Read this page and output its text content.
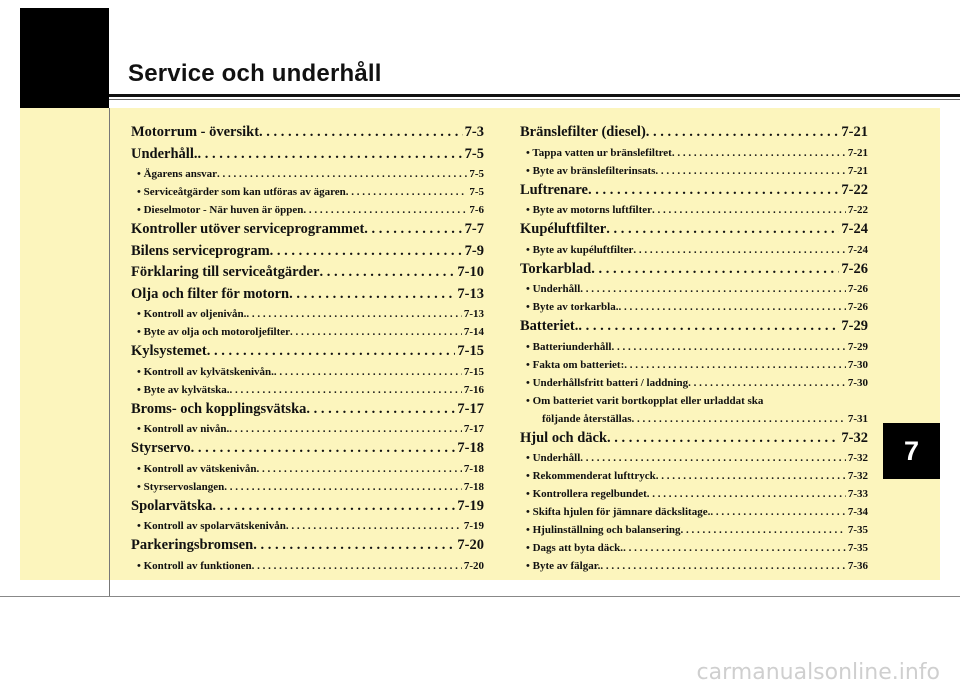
Service och underhåll
Motorrum - översikt . . .	7-3
Underhåll. . . .	7-5
• Ägarens ansvar . . .	7-5
• Serviceåtgärder som kan utföras av ägaren . . .	7-5
• Dieselmotor - När huven är öppen . . .	7-6
Kontroller utöver serviceprogrammet . . .	7-7
Bilens serviceprogram . . .	7-9
Förklaring till serviceåtgärder . . .	7-10
Olja och filter för motorn . . .	7-13
• Kontroll av oljenivån. . . .	7-13
• Byte av olja och motoroljefilter . . .	7-14
Kylsystemet . . .	7-15
• Kontroll av kylvätskenivån. . . .	7-15
• Byte av kylvätska. . . .	7-16
Broms- och kopplingsvätska . . .	7-17
• Kontroll av nivån. . . .	7-17
Styrservo . . .	7-18
• Kontroll av vätskenivån . . .	7-18
• Styrservoslangen . . .	7-18
Spolarvätska . . .	7-19
• Kontroll av spolarvätskenivån . . .	7-19
Parkeringsbromsen . . .	7-20
• Kontroll av funktionen . . .	7-20
Bränslefilter (diesel) . . .	7-21
• Tappa vatten ur bränslefiltret . . .	7-21
• Byte av bränslefilterinsats . . .	7-21
Luftrenare . . .	7-22
• Byte av motorns luftfilter . . .	7-22
Kupéluftfilter . . .	7-24
• Byte av kupéluftfilter . . .	7-24
Torkarblad . . .	7-26
• Underhåll . . .	7-26
• Byte av torkarbla. . . .	7-26
Batteriet. . . .	7-29
• Batteriunderhåll . . .	7-29
• Fakta om batteriet: . . .	7-30
• Underhållsfritt batteri / laddning . . .	7-30
• Om batteriet varit bortkopplat eller urladdat ska
följande återställas . . .	7-31
Hjul och däck . . .	7-32
• Underhåll . . .	7-32
• Rekommenderat lufttryck . . .	7-32
• Kontrollera regelbundet . . .	7-33
• Skifta hjulen för jämnare däckslitage. . . .	7-34
• Hjulinställning och balansering . . .	7-35
• Dags att byta däck. . . .	7-35
• Byte av fälgar. . . .	7-36
7
carmanualsonline.info
